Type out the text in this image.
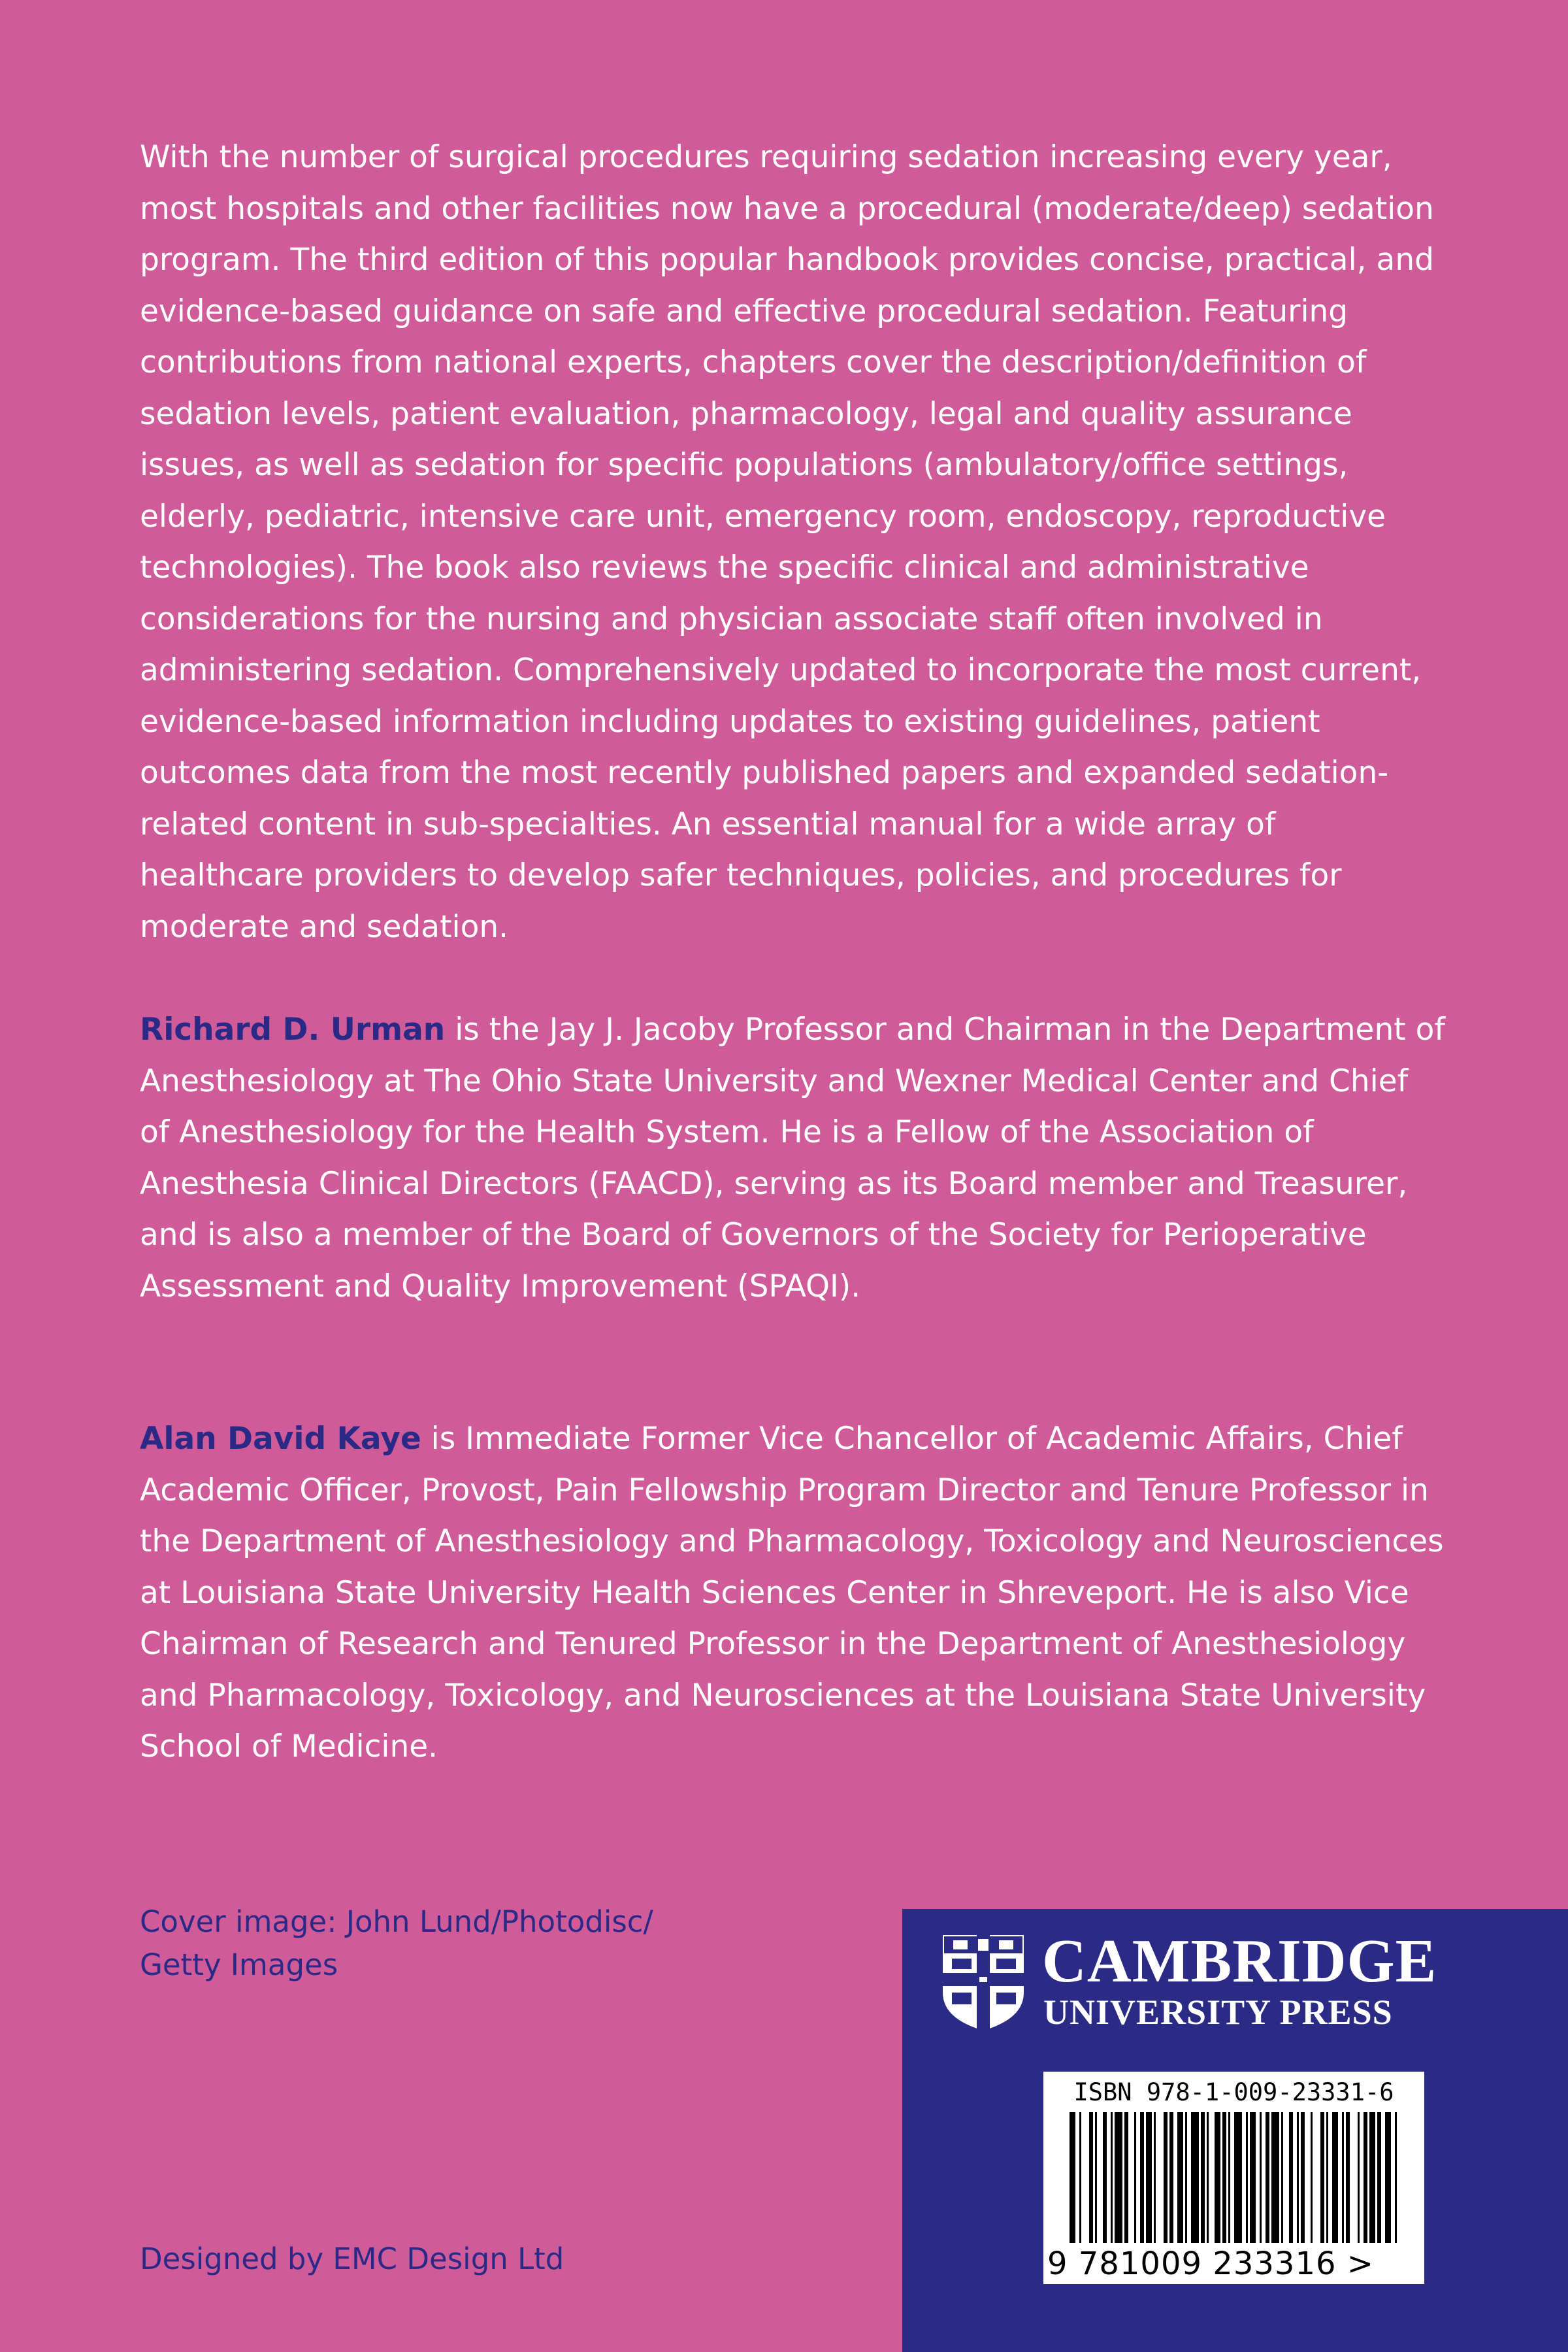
With the number of surgical procedures requiring sedation increasing every year, most hospitals and other facilities now have a procedural (moderate/deep) sedation program. The third edition of this popular handbook provides concise, practical, and evidence-based guidance on safe and effective procedural sedation. Featuring contributions from national experts, chapters cover the description/definition of sedation levels, patient evaluation, pharmacology, legal and quality assurance issues, as well as sedation for specific populations (ambulatory/office settings, elderly, pediatric, intensive care unit, emergency room, endoscopy, reproductive technologies). The book also reviews the specific clinical and administrative considerations for the nursing and physician associate staff often involved in administering sedation. Comprehensively updated to incorporate the most current, evidence-based information including updates to existing guidelines, patient outcomes data from the most recently published papers and expanded sedation-related content in sub-specialties. An essential manual for a wide array of healthcare providers to develop safer techniques, policies, and procedures for moderate and sedation.

Richard D. Urman is the Jay J. Jacoby Professor and Chairman in the Department of Anesthesiology at The Ohio State University and Wexner Medical Center and Chief of Anesthesiology for the Health System. He is a Fellow of the Association of Anesthesia Clinical Directors (FAACD), serving as its Board member and Treasurer, and is also a member of the Board of Governors of the Society for Perioperative Assessment and Quality Improvement (SPAQI).

Alan David Kaye is Immediate Former Vice Chancellor of Academic Affairs, Chief Academic Officer, Provost, Pain Fellowship Program Director and Tenure Professor in the Department of Anesthesiology and Pharmacology, Toxicology and Neurosciences at Louisiana State University Health Sciences Center in Shreveport. He is also Vice Chairman of Research and Tenured Professor in the Department of Anesthesiology and Pharmacology, Toxicology, and Neurosciences at the Louisiana State University School of Medicine.

Cover image: John Lund/Photodisc/
Getty Images

Designed by EMC Design Ltd

CAMBRIDGE
UNIVERSITY PRESS
ISBN 978-1-009-23331-6
9 781009 233316 >
